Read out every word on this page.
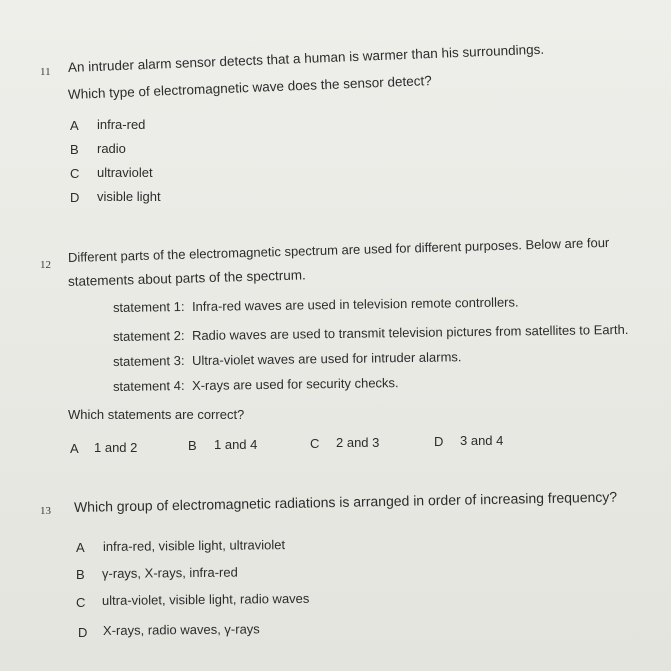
11 An intruder alarm sensor detects that a human is warmer than his surroundings.
Which type of electromagnetic wave does the sensor detect?
A infra-red
B radio
C ultraviolet
D visible light
12
Different parts of the electromagnetic spectrum are used for different purposes. Below are four
statements about parts of the spectrum.
statement 1: Infra-red waves are used in television remote controllers.
statement 2: Radio waves are used to transmit television pictures from satellites to Earth.
statement 3: Ultra-violet waves are used for intruder alarms.
statement 4: X-rays are used for security checks.
Which statements are correct?
A 1 and 2	B 1 and 4	C 2 and 3	D 3 and 4
13 Which group of electromagnetic radiations is arranged in order of increasing frequency?
A infra-red, visible light, ultraviolet
B γ-rays, X-rays, infra-red
C ultra-violet, visible light, radio waves
D X-rays, radio waves, γ-rays
